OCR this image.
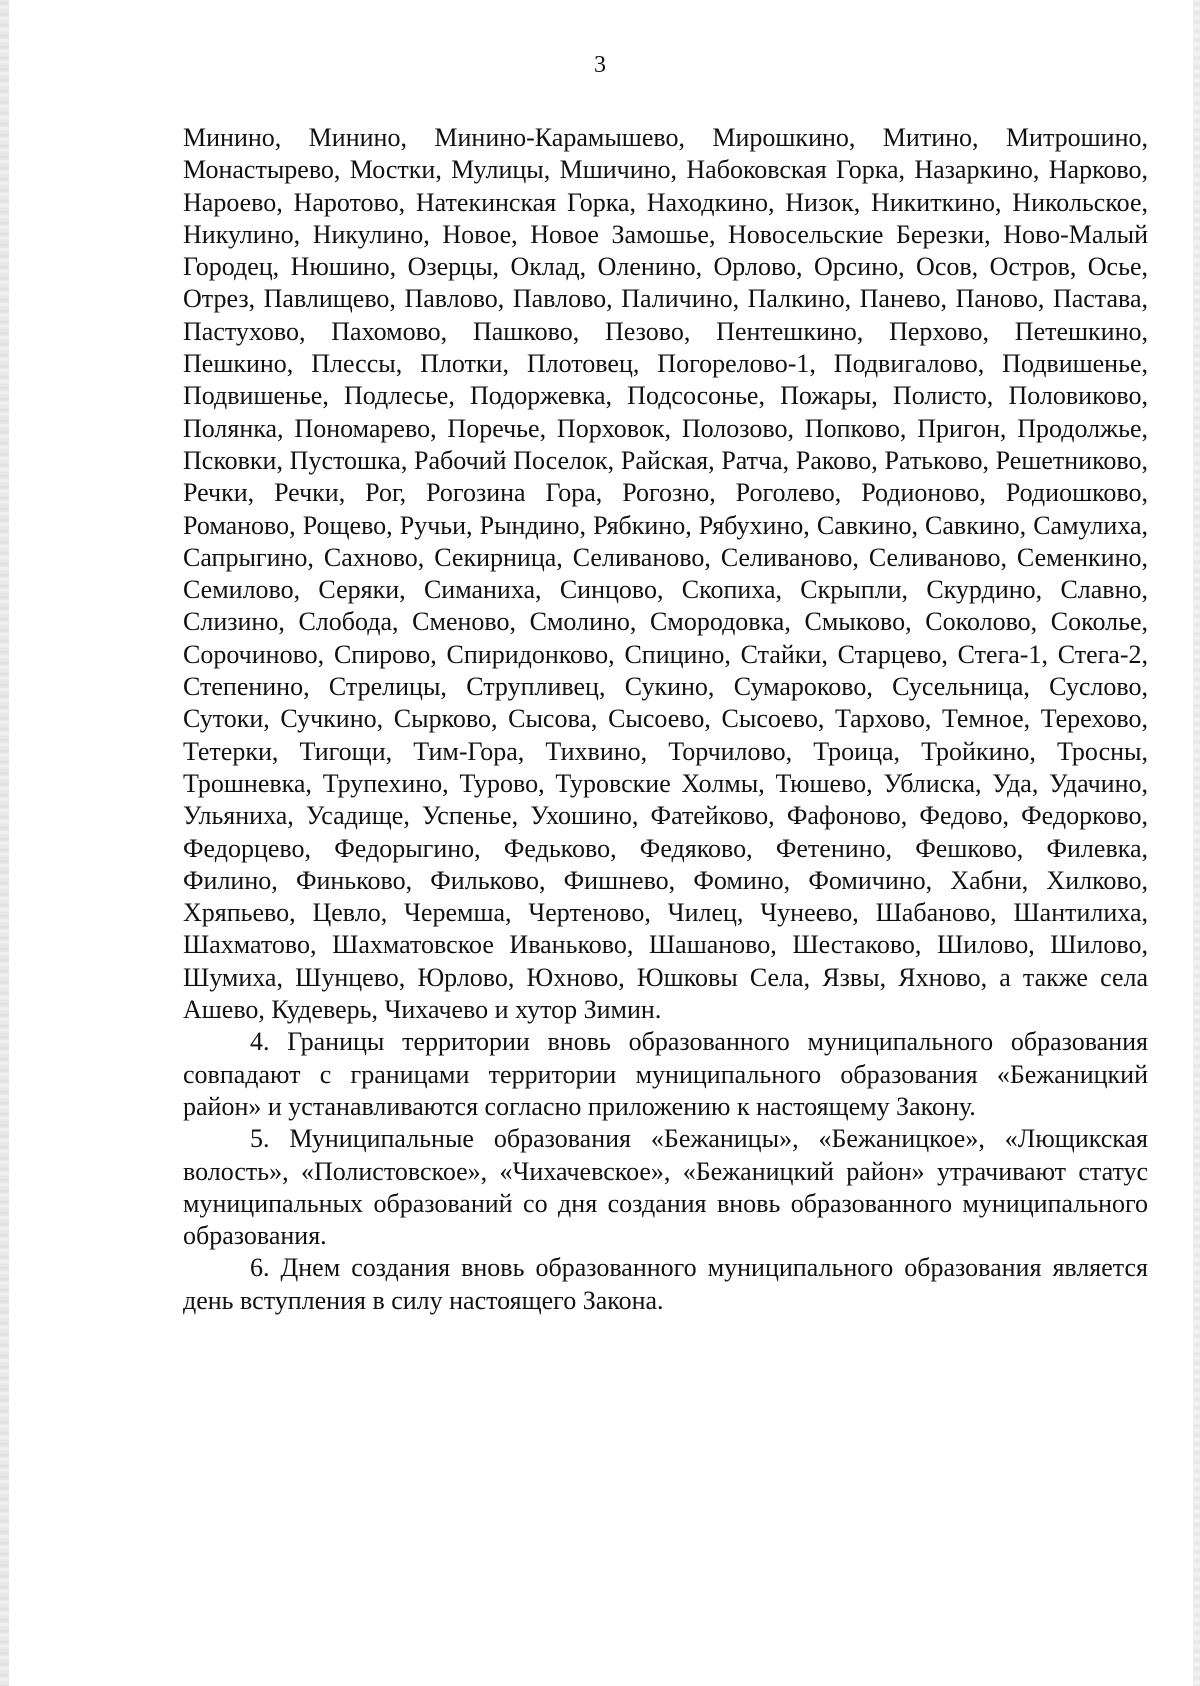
3

Минино, Минино, Минино-Карамышево, Мирошкино, Митино, Митрошино, Монастырево, Мостки, Мулицы, Мшичино, Набоковская Горка, Назаркино, Нарково, Нароево, Наротово, Натекинская Горка, Находкино, Низок, Никиткино, Никольское, Никулино, Никулино, Новое, Новое Замошье, Новосельские Березки, Ново-Малый Городец, Нюшино, Озерцы, Оклад, Оленино, Орлово, Орсино, Осов, Остров, Осье, Отрез, Павлищево, Павлово, Павлово, Паличино, Палкино, Панево, Паново, Пастава, Пастухово, Пахомово, Пашково, Пезово, Пентешкино, Перхово, Петешкино, Пешкино, Плессы, Плотки, Плотовец, Погорелово-1, Подвигалово, Подвишенье, Подвишенье, Подлесье, Подоржевка, Подсосонье, Пожары, Полисто, Половиково, Полянка, Пономарево, Поречье, Порховок, Полозово, Попково, Пригон, Продолжье, Псковки, Пустошка, Рабочий Поселок, Райская, Ратча, Раково, Ратьково, Решетниково, Речки, Речки, Рог, Рогозина Гора, Рогозно, Роголево, Родионово, Родиошково, Романово, Рощево, Ручьи, Рындино, Рябкино, Рябухино, Савкино, Савкино, Самулиха, Сапрыгино, Сахново, Секирница, Селиваново, Селиваново, Селиваново, Семенкино, Семилово, Серяки, Симаниха, Синцово, Скопиха, Скрыпли, Скурдино, Славно, Слизино, Слобода, Сменово, Смолино, Смородовка, Смыково, Соколово, Сокольe, Сорочиново, Спирово, Спиридонково, Спицино, Стайки, Старцево, Стега-1, Стега-2, Степенино, Стрелицы, Струпливец, Сукино, Сумароково, Сусельница, Суслово, Сутоки, Сучкино, Сырково, Сысова, Сысоево, Сысоево, Тархово, Темное, Терехово, Тетерки, Тигощи, Тим-Гора, Тихвино, Торчилово, Троица, Тройкино, Тросны, Трошневка, Трупехино, Турово, Туровские Холмы, Тюшево, Ублиска, Уда, Удачино, Ульяниха, Усадище, Успенье, Ухошино, Фатейково, Фафоново, Федово, Федорково, Федорцево, Федорыгино, Федьково, Федяково, Фетенино, Фешково, Филевка, Филино, Финьково, Фильково, Фишнево, Фомино, Фомичино, Хабни, Хилково, Хряпьево, Цевло, Черемша, Чертеново, Чилец, Чунеево, Шабаново, Шантилиха, Шахматово, Шахматовское Иваньково, Шашаново, Шестаково, Шилово, Шилово, Шумиха, Шунцево, Юрлово, Юхново, Юшковы Села, Язвы, Яхново, а также села Ашево, Кудеверь, Чихачево и хутор Зимин.

4. Границы территории вновь образованного муниципального образования совпадают с границами территории муниципального образования «Бежаницкий район» и устанавливаются согласно приложению к настоящему Закону.

5. Муниципальные образования «Бежаницы», «Бежаницкое», «Лющикская волость», «Полистовское», «Чихачевское», «Бежаницкий район» утрачивают статус муниципальных образований со дня создания вновь образованного муниципального образования.

6. Днем создания вновь образованного муниципального образования является день вступления в силу настоящего Закона.
